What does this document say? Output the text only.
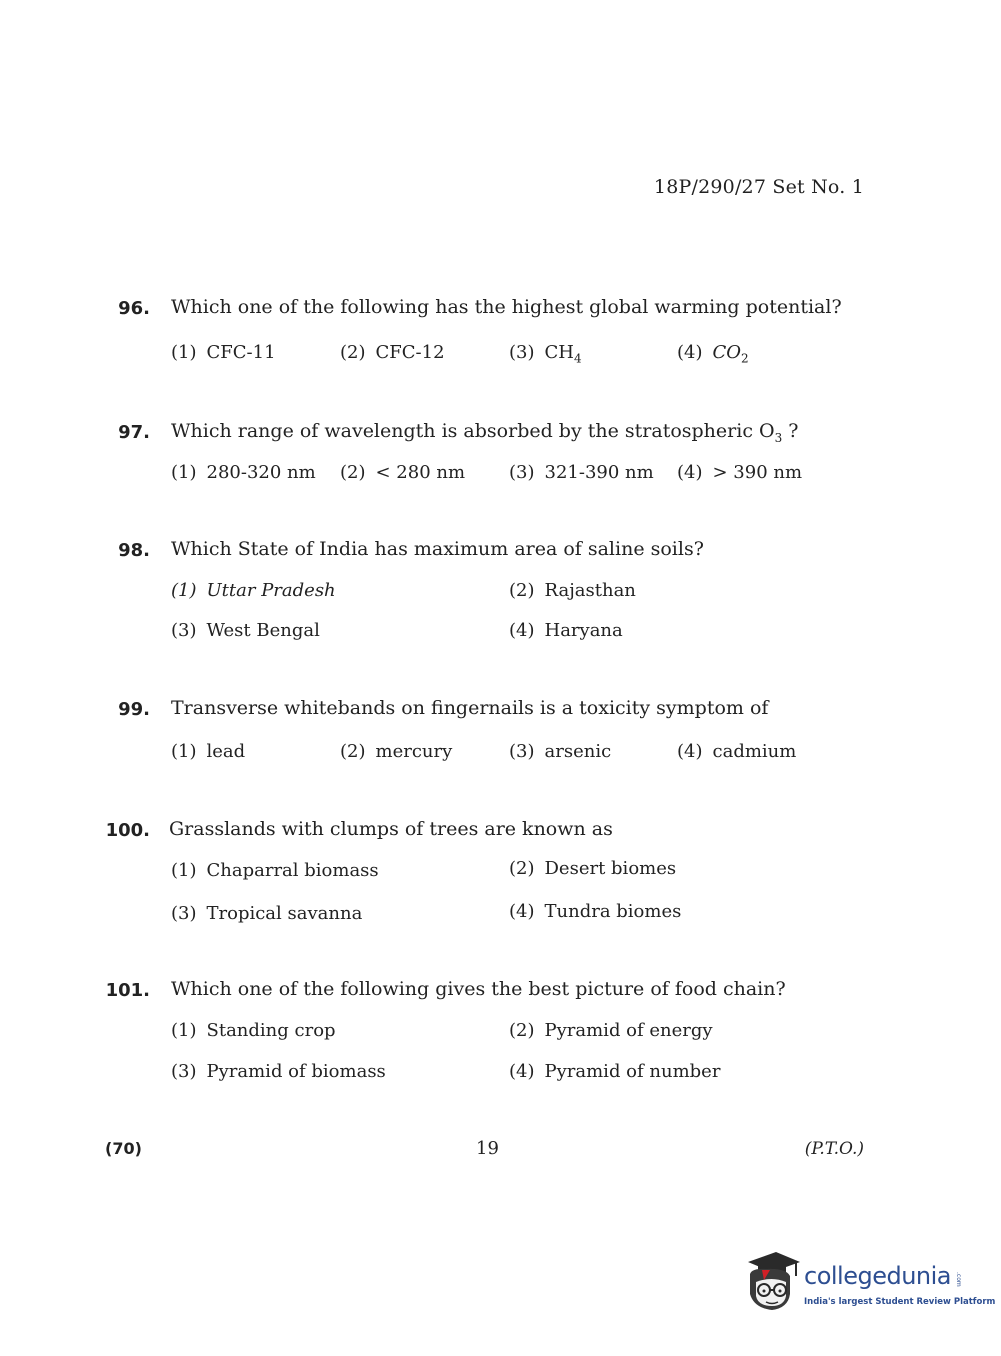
18P/290/27 Set No. 1
96. Which one of the following has the highest global warming potential?
(1) CFC-11	(2) CFC-12	(3) $CH_4$	(4) $CO_2$
97. Which range of wavelength is absorbed by the stratospheric $O_3$ ?
(1) 280-320 nm (2) < 280 nm (3) 321-390 nm (4) > 390 nm
98. Which State of India has maximum area of saline soils?
(1) Uttar Pradesh	(2) Rajasthan
(3) West Bengal	(4) Haryana
99. Transverse whitebands on fingernails is a toxicity symptom of
(1) lead	(2) mercury	(3) arsenic	(4) cadmium
100. Grasslands with clumps of trees are known as
(1) Chaparral biomass	(2) Desert biomes
(3) Tropical savanna	(4) Tundra biomes
101. Which one of the following gives the best picture of food chain?
(1) Standing crop	(2) Pyramid of energy
(3) Pyramid of biomass	(4) Pyramid of number
(70)	19	(P.T.O.)
collegedunia .com
India's largest Student Review Platform
